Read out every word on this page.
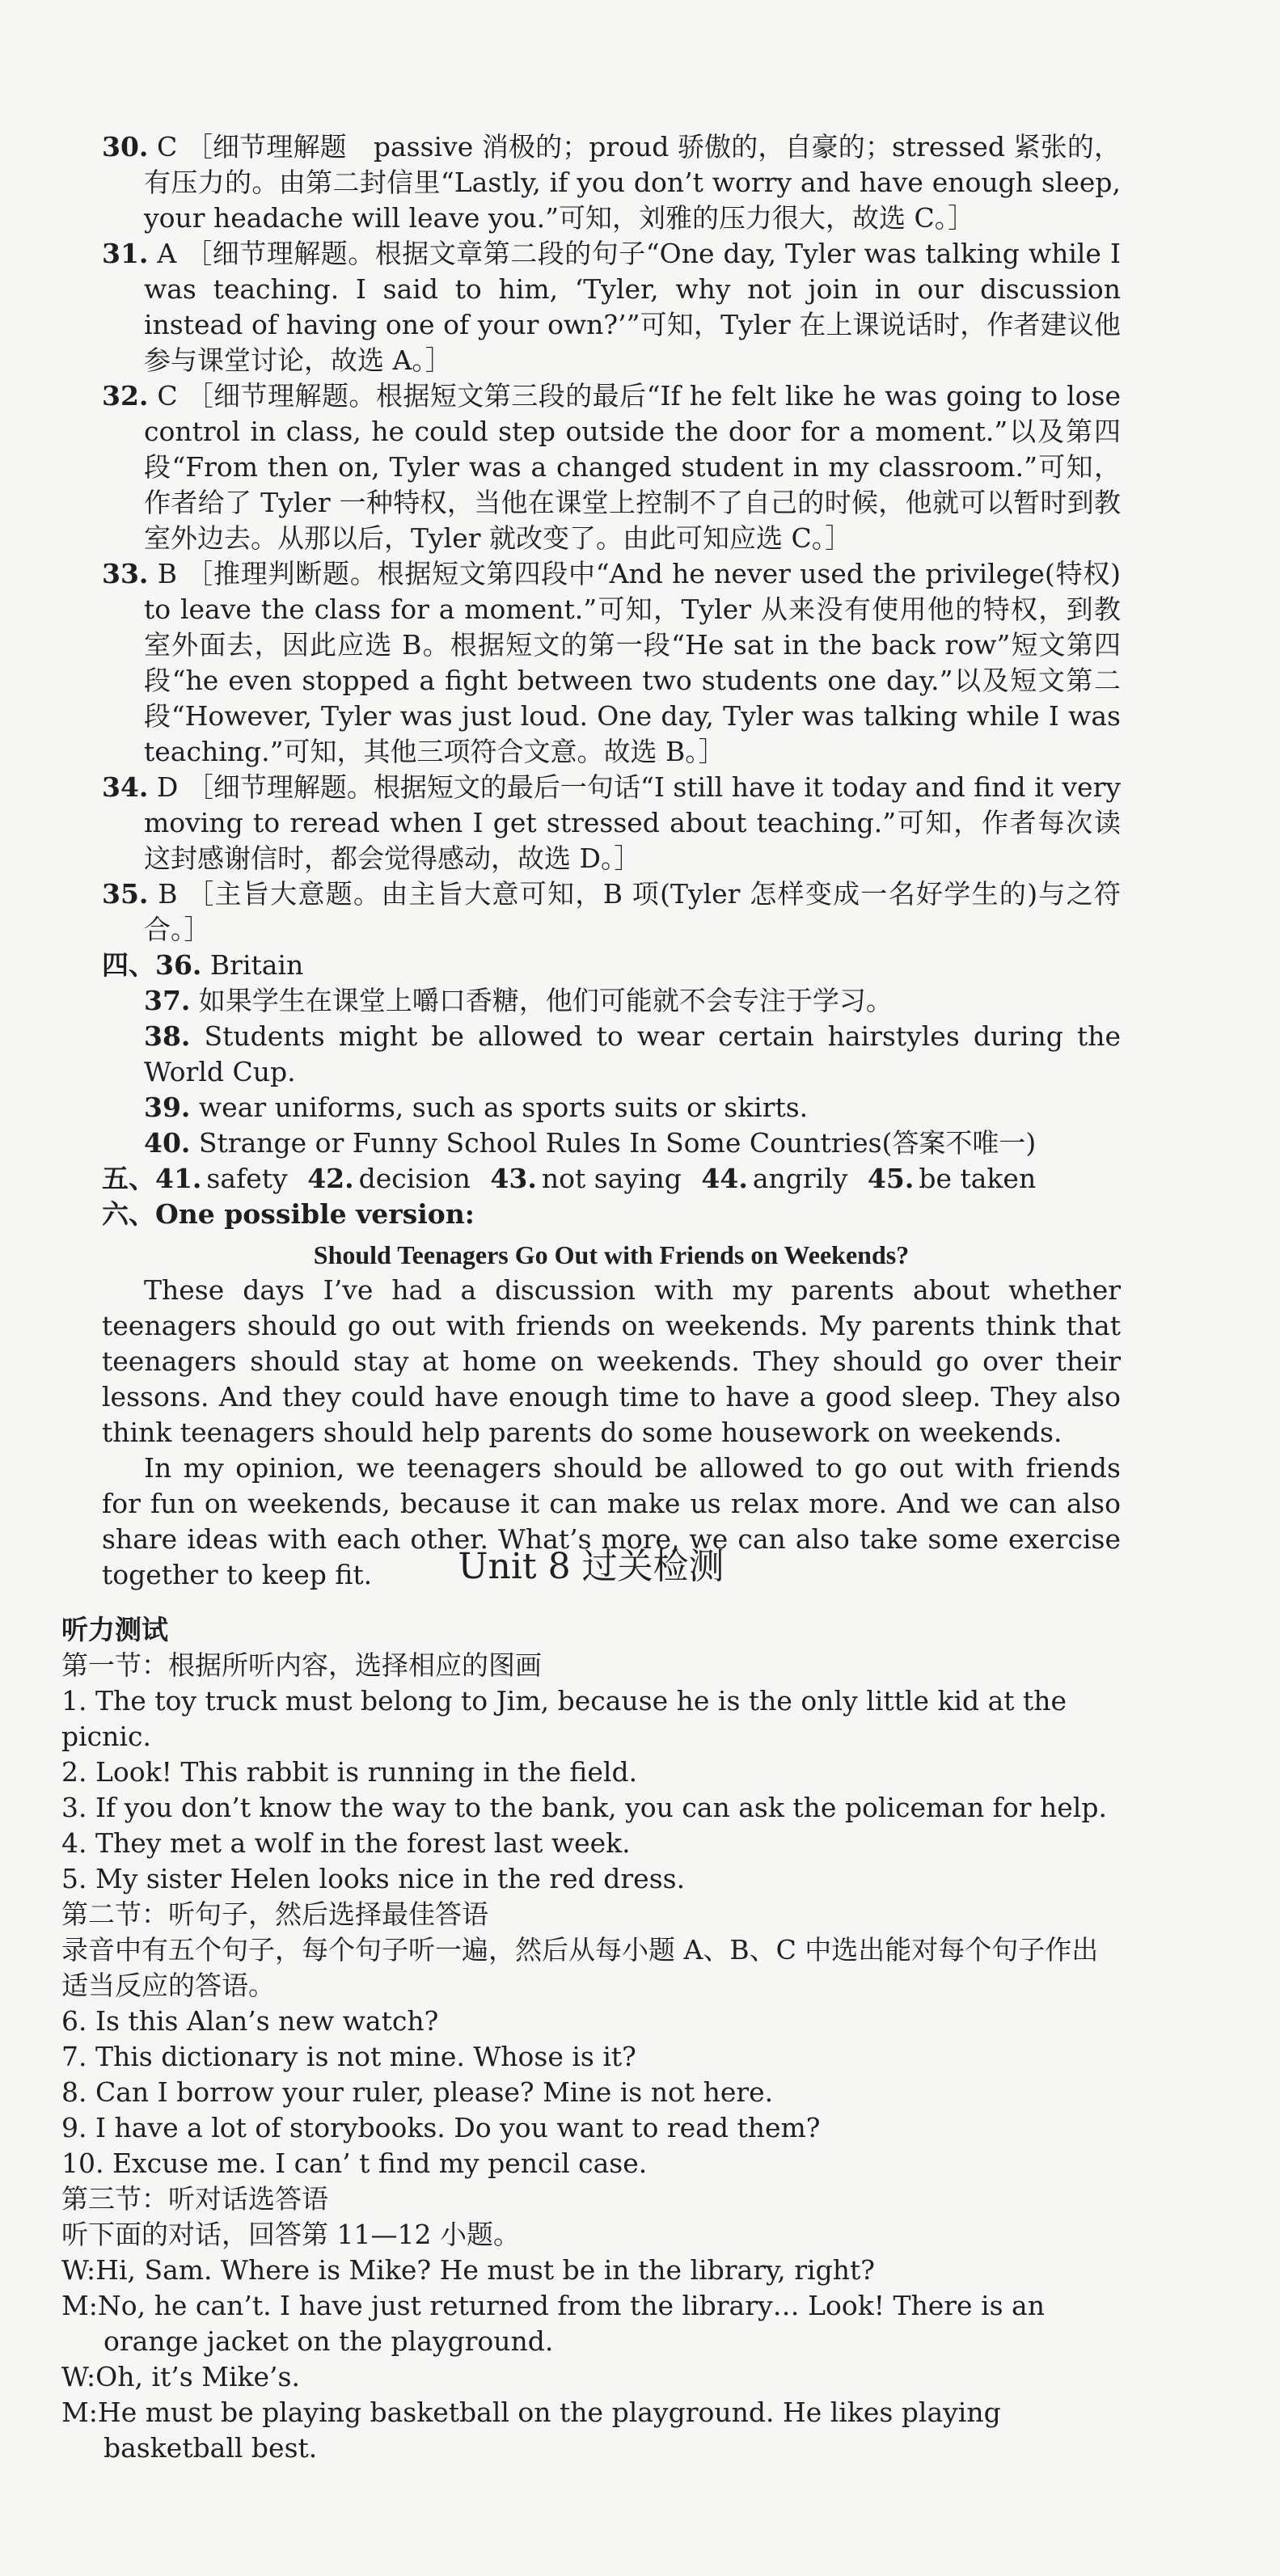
30. C ［细节理解题　passive 消极的；proud 骄傲的，自豪的；stressed 紧张的，有压力的。由第二封信里“Lastly, if you don’t worry and have enough sleep, your headache will leave you.”可知，刘雅的压力很大，故选 C。］

31. A ［细节理解题。根据文章第二段的句子“One day, Tyler was talking while I was teaching. I said to him, ‘Tyler, why not join in our discussion instead of having one of your own?’”可知，Tyler 在上课说话时，作者建议他参与课堂讨论，故选 A。］

32. C ［细节理解题。根据短文第三段的最后“If he felt like he was going to lose control in class, he could step outside the door for a moment.”以及第四段“From then on, Tyler was a changed student in my classroom.”可知，作者给了 Tyler 一种特权，当他在课堂上控制不了自己的时候，他就可以暂时到教室外边去。从那以后，Tyler 就改变了。由此可知应选 C。］

33. B ［推理判断题。根据短文第四段中“And he never used the privilege(特权) to leave the class for a moment.”可知，Tyler 从来没有使用他的特权，到教室外面去，因此应选 B。根据短文的第一段“He sat in the back row”短文第四段“he even stopped a fight between two students one day.”以及短文第二段“However, Tyler was just loud. One day, Tyler was talking while I was teaching.”可知，其他三项符合文意。故选 B。］

34. D ［细节理解题。根据短文的最后一句话“I still have it today and find it very moving to reread when I get stressed about teaching.”可知，作者每次读这封感谢信时，都会觉得感动，故选 D。］

35. B ［主旨大意题。由主旨大意可知，B 项(Tyler 怎样变成一名好学生的)与之符合。］

四、36. Britain

37. 如果学生在课堂上嚼口香糖，他们可能就不会专注于学习。

38. Students might be allowed to wear certain hairstyles during the World Cup.

39. wear uniforms, such as sports suits or skirts.

40. Strange or Funny School Rules In Some Countries(答案不唯一)

五、41. safety 42. decision 43. not saying 44. angrily 45. be taken

六、One possible version:

Should Teenagers Go Out with Friends on Weekends?

These days I’ve had a discussion with my parents about whether teenagers should go out with friends on weekends. My parents think that teenagers should stay at home on weekends. They should go over their lessons. And they could have enough time to have a good sleep. They also think teenagers should help parents do some housework on weekends.

In my opinion, we teenagers should be allowed to go out with friends for fun on weekends, because it can make us relax more. And we can also share ideas with each other. What’s more, we can also take some exercise together to keep fit.	Unit 8 过关检测

听力测试

第一节：根据所听内容，选择相应的图画

1. The toy truck must belong to Jim, because he is the only little kid at the picnic.

2. Look! This rabbit is running in the field.

3. If you don’t know the way to the bank, you can ask the policeman for help.

4. They met a wolf in the forest last week.

5. My sister Helen looks nice in the red dress.

第二节：听句子，然后选择最佳答语

录音中有五个句子，每个句子听一遍，然后从每小题 A、B、C 中选出能对每个句子作出适当反应的答语。

6. Is this Alan’s new watch?

7. This dictionary is not mine. Whose is it?

8. Can I borrow your ruler, please? Mine is not here.

9. I have a lot of storybooks. Do you want to read them?

10. Excuse me. I can’ t find my pencil case.

第三节：听对话选答语

听下面的对话，回答第 11—12 小题。

W:Hi, Sam. Where is Mike? He must be in the library, right?

M:No, he can’t. I have just returned from the library… Look! There is an orange jacket on the playground.

W:Oh, it’s Mike’s.

M:He must be playing basketball on the playground. He likes playing basketball best.
